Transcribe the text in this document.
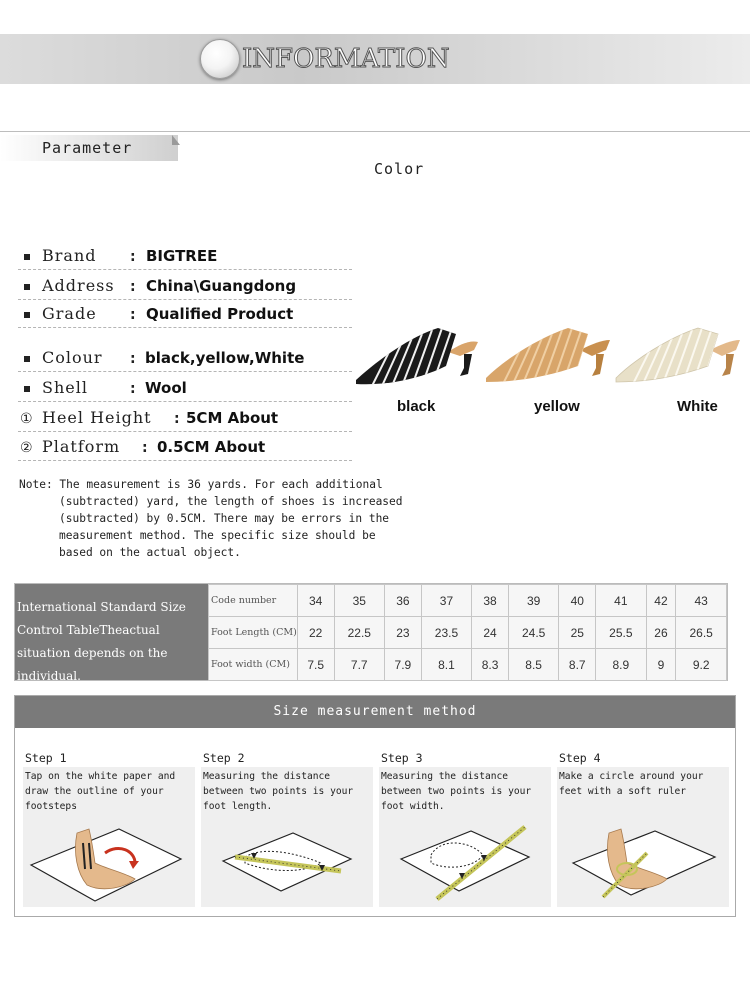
INFORMATION
Parameter
Color
Brand : BIGTREE
Address : China\Guangdong
Grade : Qualified Product
Colour : black,yellow,White
Shell	: Wool
① Heel Height : 5CM About
② Platform : 0.5CM About
black	yellow	White
Note: The measurement is 36 yards. For each additional
(subtracted) yard, the length of shoes is increased
(subtracted) by 0.5CM. There may be errors in the
measurement method. The specific size should be
based on the actual object.
International Standard Size Control TableTheactual situation depends on the individual.
Code number	34	35	36	37	38	39	40	41	42	43
Foot Length (CM)	22	22.5	23	23.5	24	24.5	25	25.5	26	26.5
Foot width (CM)	7.5	7.7	7.9	8.1	8.3	8.5	8.7	8.9	9	9.2
Size measurement method
Step 1
Tap on the white paper and draw the outline of your footsteps
Step 2
Measuring the distance between two points is your foot length.
Step 3
Measuring the distance between two points is your foot width.
Step 4
Make a circle around your feet with a soft ruler
